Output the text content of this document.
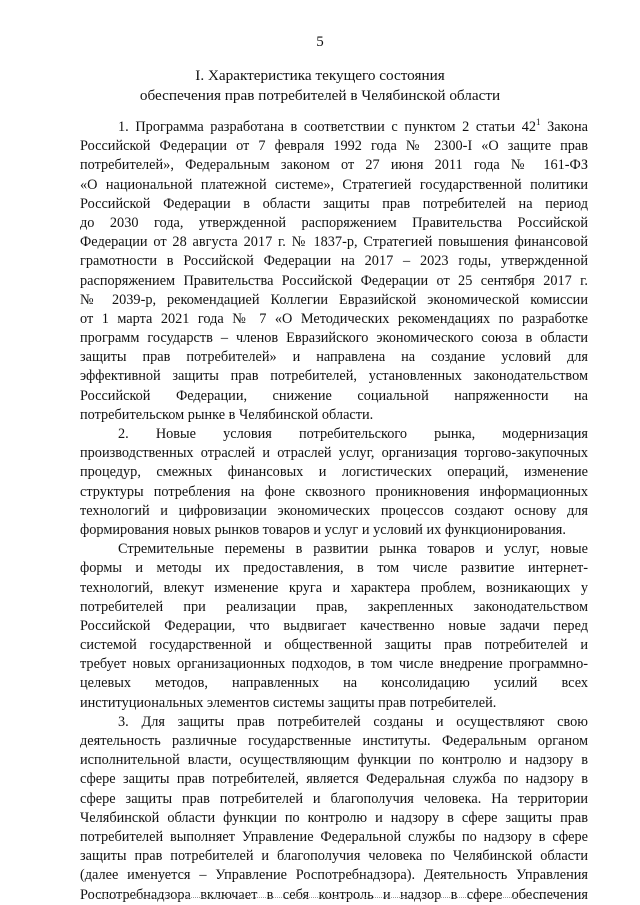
5
I. Характеристика текущего состояния
обеспечения прав потребителей в Челябинской области
1. Программа разработана в соответствии с пунктом 2 статьи $42^1$ Закона
Российской Федерации от 7 февраля 1992 года № 2300-I «О защите прав
потребителей», Федеральным законом от 27 июня 2011 года № 161-ФЗ
«О национальной платежной системе», Стратегией государственной политики
Российской Федерации в области защиты прав потребителей на период
до 2030 года, утвержденной распоряжением Правительства Российской
Федерации от 28 августа 2017 г. № 1837-р, Стратегией повышения финансовой
грамотности в Российской Федерации на 2017 – 2023 годы, утвержденной
распоряжением Правительства Российской Федерации от 25 сентября 2017 г.
№ 2039-р, рекомендацией Коллегии Евразийской экономической комиссии
от 1 марта 2021 года № 7 «О Методических рекомендациях по разработке
программ государств – членов Евразийского экономического союза в области
защиты прав потребителей» и направлена на создание условий для
эффективной защиты прав потребителей, установленных законодательством
Российской Федерации, снижение социальной напряженности на
потребительском рынке в Челябинской области.
2. Новые условия потребительского рынка, модернизация
производственных отраслей и отраслей услуг, организация торгово-закупочных
процедур, смежных финансовых и логистических операций, изменение
структуры потребления на фоне сквозного проникновения информационных
технологий и цифровизации экономических процессов создают основу для
формирования новых рынков товаров и услуг и условий их функционирования.
Стремительные перемены в развитии рынка товаров и услуг, новые
формы и методы их предоставления, в том числе развитие интернет-
технологий, влекут изменение круга и характера проблем, возникающих у
потребителей при реализации прав, закрепленных законодательством
Российской Федерации, что выдвигает качественно новые задачи перед
системой государственной и общественной защиты прав потребителей и
требует новых организационных подходов, в том числе внедрение программно-
целевых методов, направленных на консолидацию усилий всех
институциональных элементов системы защиты прав потребителей.
3. Для защиты прав потребителей созданы и осуществляют свою
деятельность различные государственные институты. Федеральным органом
исполнительной власти, осуществляющим функции по контролю и надзору в
сфере защиты прав потребителей, является Федеральная служба по надзору в
сфере защиты прав потребителей и благополучия человека. На территории
Челябинской области функции по контролю и надзору в сфере защиты прав
потребителей выполняет Управление Федеральной службы по надзору в сфере
защиты прав потребителей и благополучия человека по Челябинской области
(далее именуется – Управление Роспотребнадзора). Деятельность Управления
Роспотребнадзора включает в себя контроль и надзор в сфере обеспечения
